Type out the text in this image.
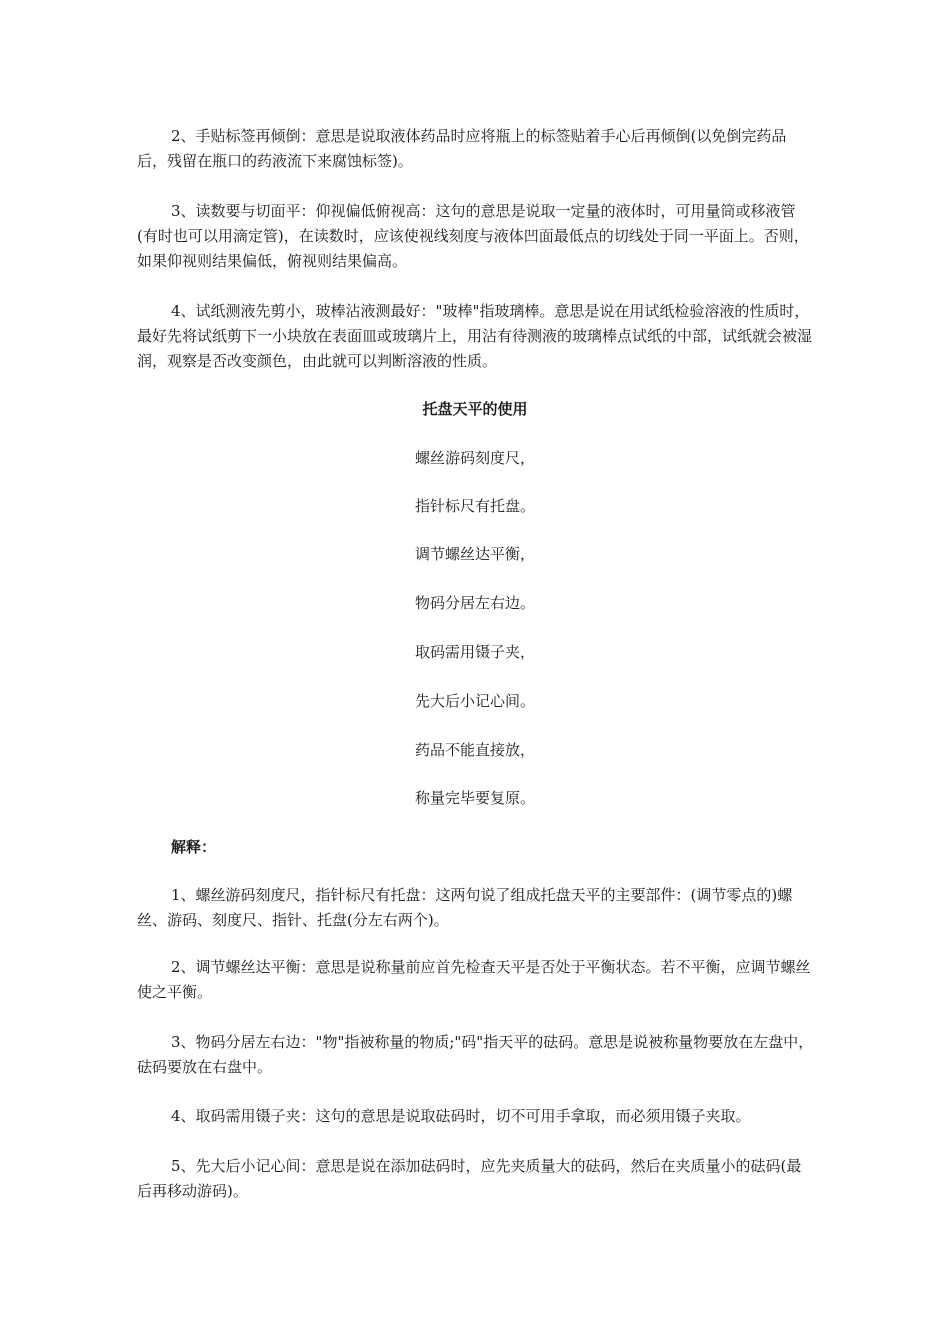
2、手贴标签再倾倒：意思是说取液体药品时应将瓶上的标签贴着手心后再倾倒(以免倒完药品后，残留在瓶口的药液流下来腐蚀标签)。

3、读数要与切面平：仰视偏低俯视高：这句的意思是说取一定量的液体时，可用量筒或移液管(有时也可以用滴定管)，在读数时，应该使视线刻度与液体凹面最低点的切线处于同一平面上。否则，如果仰视则结果偏低，俯视则结果偏高。

4、试纸测液先剪小，玻棒沾液测最好："玻棒"指玻璃棒。意思是说在用试纸检验溶液的性质时，最好先将试纸剪下一小块放在表面皿或玻璃片上，用沾有待测液的玻璃棒点试纸的中部，试纸就会被湿润，观察是否改变颜色，由此就可以判断溶液的性质。

托盘天平的使用

螺丝游码刻度尺，

指针标尺有托盘。

调节螺丝达平衡，

物码分居左右边。

取码需用镊子夹，

先大后小记心间。

药品不能直接放，

称量完毕要复原。

解释：

1、螺丝游码刻度尺，指针标尺有托盘：这两句说了组成托盘天平的主要部件：(调节零点的)螺丝、游码、刻度尺、指针、托盘(分左右两个)。

2、调节螺丝达平衡：意思是说称量前应首先检查天平是否处于平衡状态。若不平衡，应调节螺丝使之平衡。

3、物码分居左右边："物"指被称量的物质;"码"指天平的砝码。意思是说被称量物要放在左盘中，砝码要放在右盘中。

4、取码需用镊子夹：这句的意思是说取砝码时，切不可用手拿取，而必须用镊子夹取。

5、先大后小记心间：意思是说在添加砝码时，应先夹质量大的砝码，然后在夹质量小的砝码(最后再移动游码)。
